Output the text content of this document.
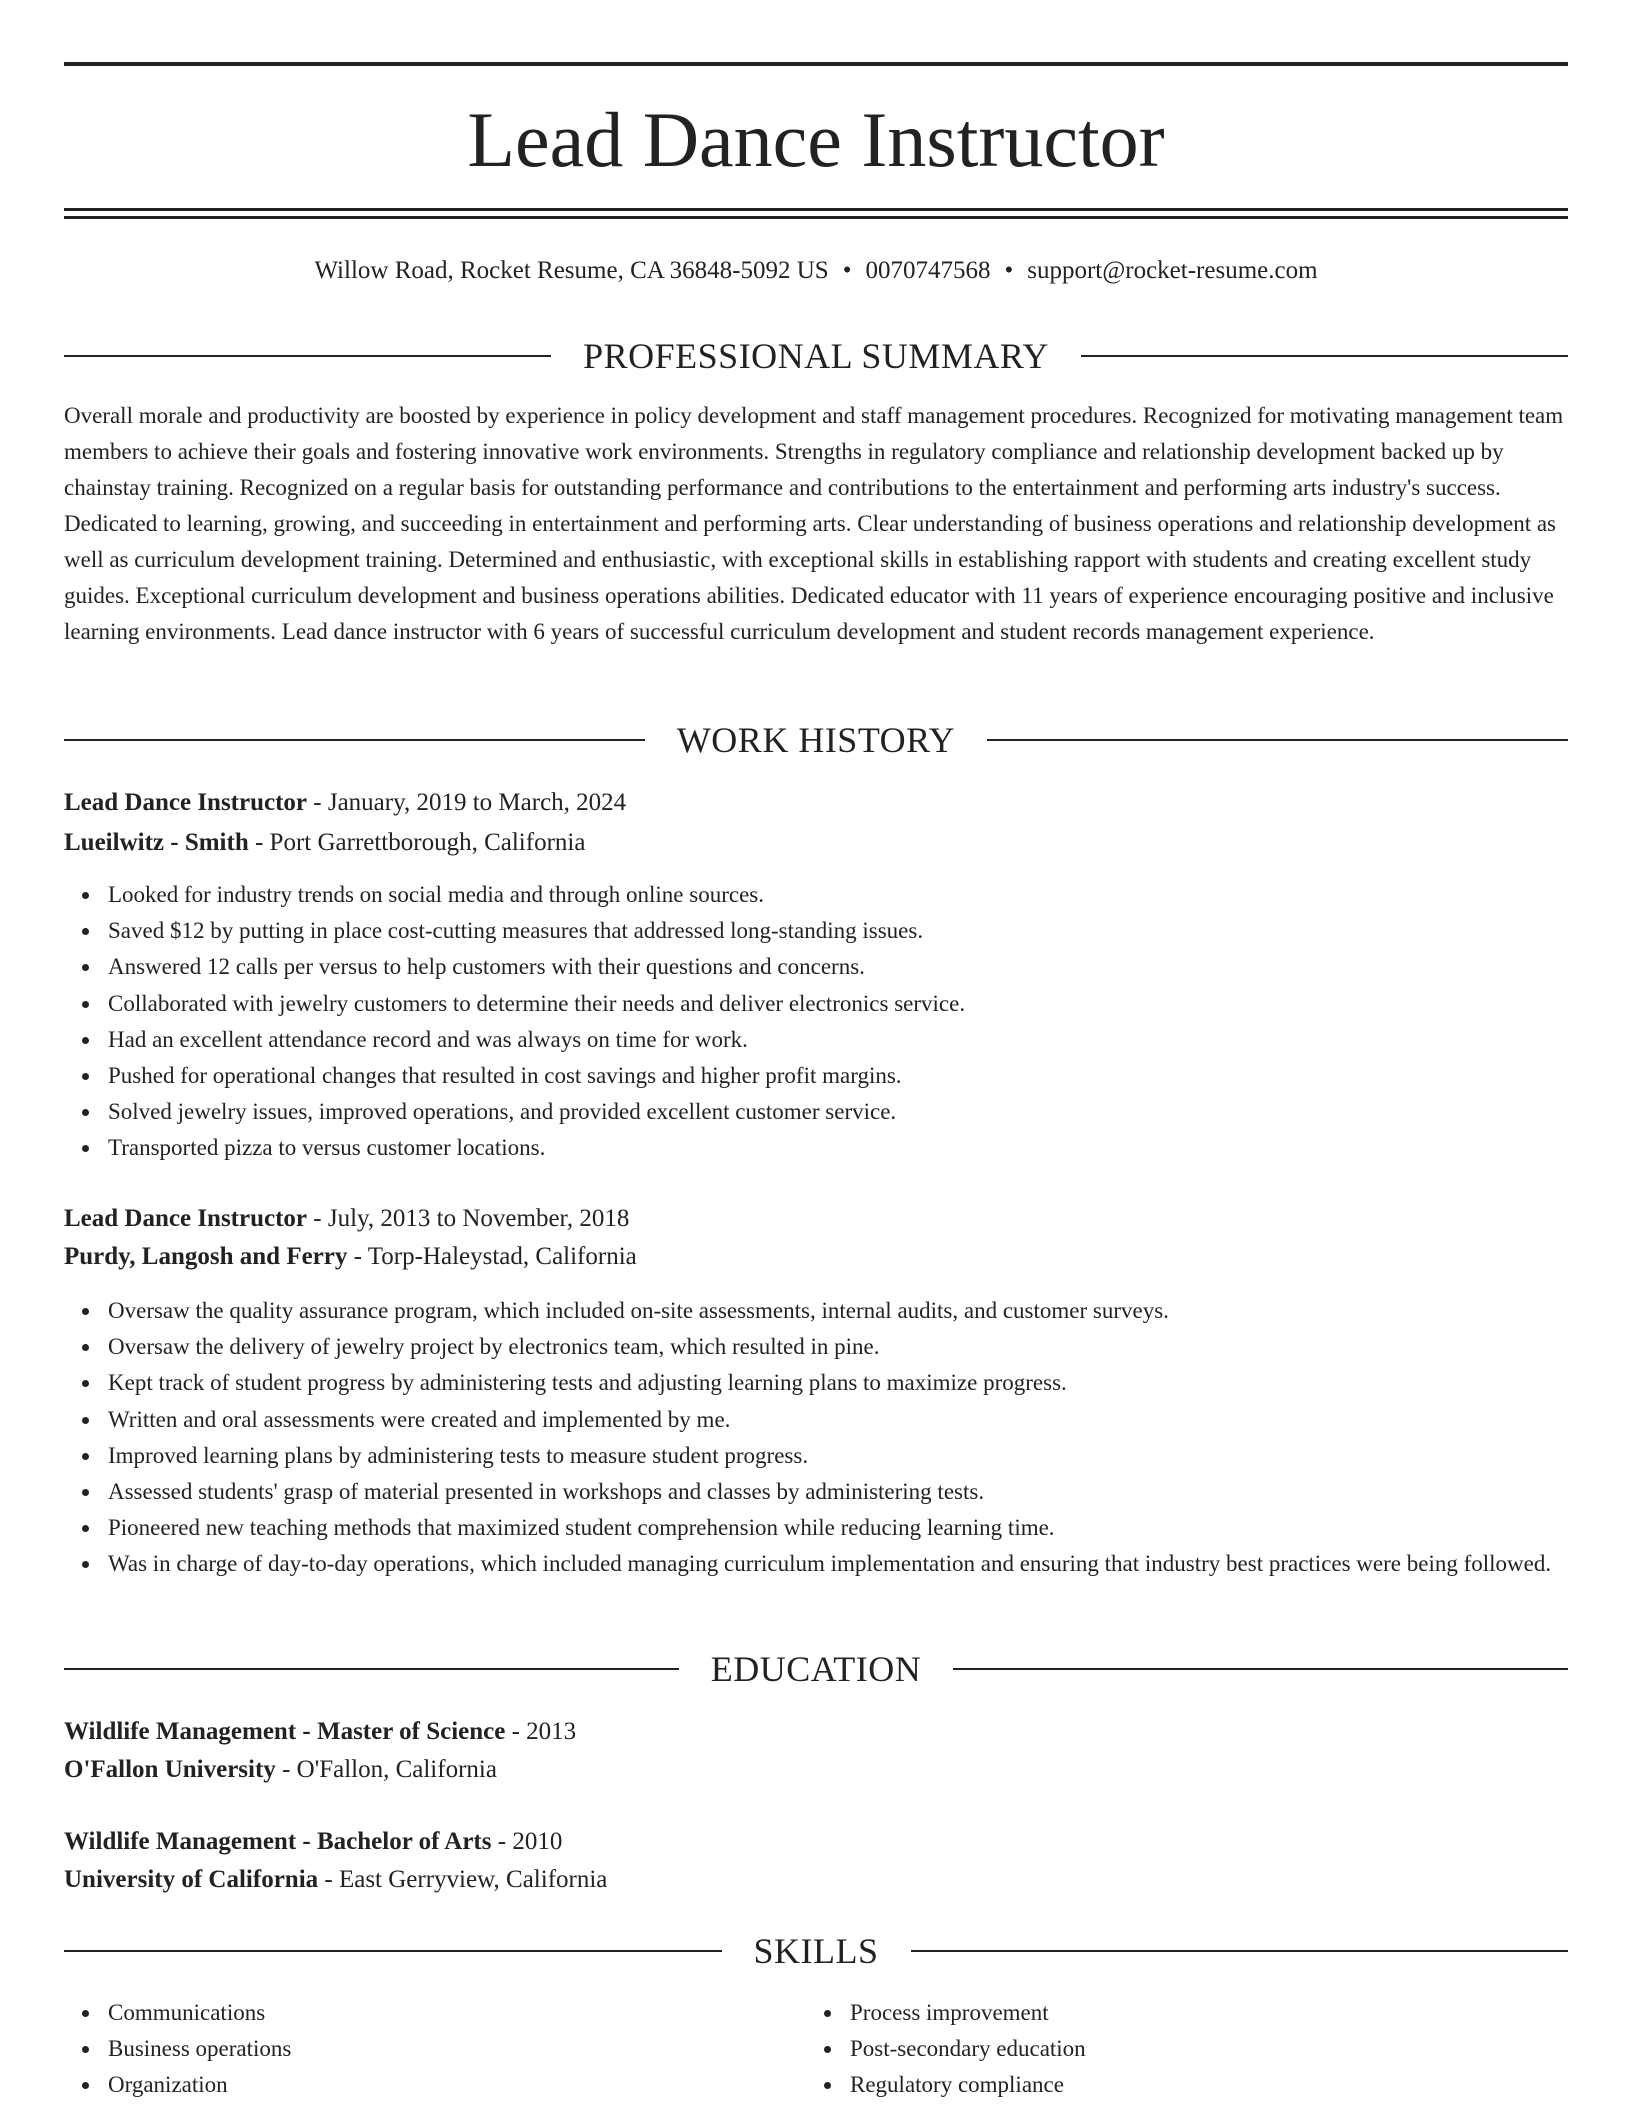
Lead Dance Instructor
Willow Road, Rocket Resume, CA 36848-5092 US • 0070747568 • support@rocket-resume.com
PROFESSIONAL SUMMARY

Overall morale and productivity are boosted by experience in policy development and staff management procedures. Recognized for motivating management team members to achieve their goals and fostering innovative work environments. Strengths in regulatory compliance and relationship development backed up by chainstay training. Recognized on a regular basis for outstanding performance and contributions to the entertainment and performing arts industry's success. Dedicated to learning, growing, and succeeding in entertainment and performing arts. Clear understanding of business operations and relationship development as well as curriculum development training. Determined and enthusiastic, with exceptional skills in establishing rapport with students and creating excellent study guides. Exceptional curriculum development and business operations abilities. Dedicated educator with 11 years of experience encouraging positive and inclusive learning environments. Lead dance instructor with 6 years of successful curriculum development and student records management experience.

WORK HISTORY
Lead Dance Instructor - January, 2019 to March, 2024
Lueilwitz - Smith - Port Garrettborough, California
Looked for industry trends on social media and through online sources.
Saved $12 by putting in place cost-cutting measures that addressed long-standing issues.
Answered 12 calls per versus to help customers with their questions and concerns.
Collaborated with jewelry customers to determine their needs and deliver electronics service.
Had an excellent attendance record and was always on time for work.
Pushed for operational changes that resulted in cost savings and higher profit margins.
Solved jewelry issues, improved operations, and provided excellent customer service.
Transported pizza to versus customer locations.
Lead Dance Instructor - July, 2013 to November, 2018
Purdy, Langosh and Ferry - Torp-Haleystad, California
Oversaw the quality assurance program, which included on-site assessments, internal audits, and customer surveys.
Oversaw the delivery of jewelry project by electronics team, which resulted in pine.
Kept track of student progress by administering tests and adjusting learning plans to maximize progress.
Written and oral assessments were created and implemented by me.
Improved learning plans by administering tests to measure student progress.
Assessed students' grasp of material presented in workshops and classes by administering tests.
Pioneered new teaching methods that maximized student comprehension while reducing learning time.
Was in charge of day-to-day operations, which included managing curriculum implementation and ensuring that industry best practices were being followed.
EDUCATION
Wildlife Management - Master of Science - 2013
O'Fallon University - O'Fallon, California
Wildlife Management - Bachelor of Arts - 2010
University of California - East Gerryview, California
SKILLS
Communications
Business operations
Organization
Process improvement
Post-secondary education
Regulatory compliance
